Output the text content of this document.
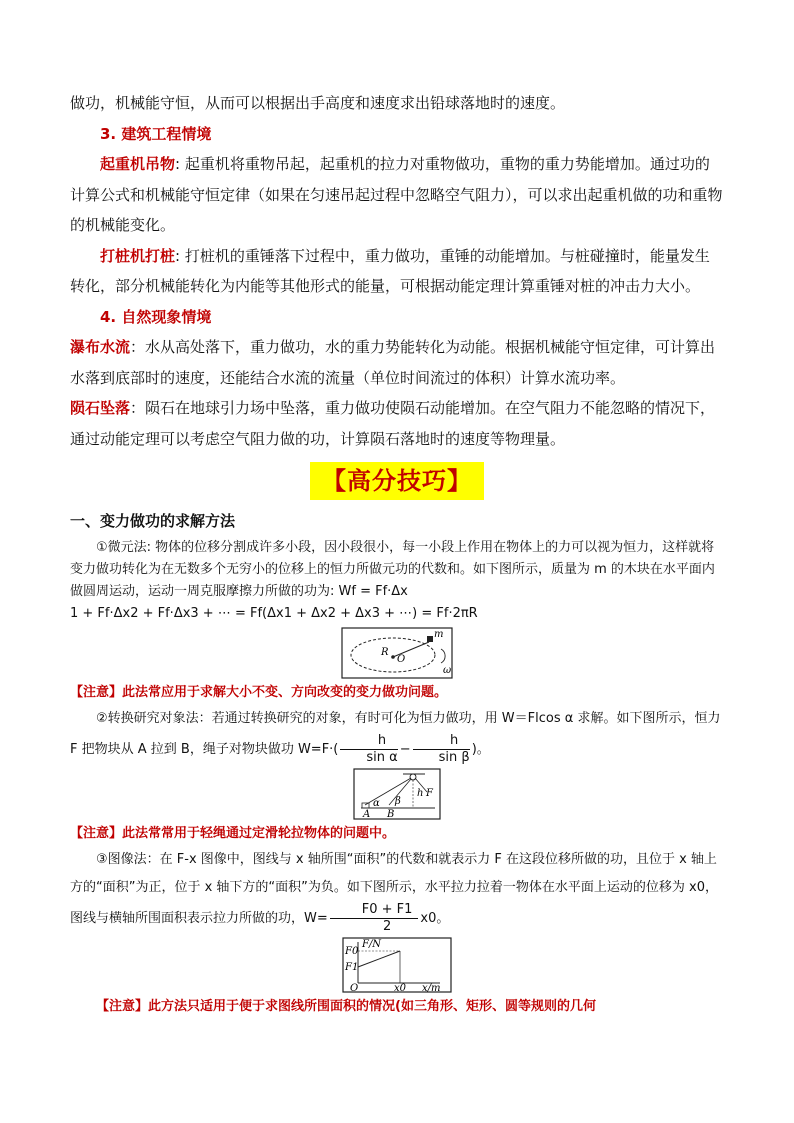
做功，机械能守恒，从而可以根据出手高度和速度求出铅球落地时的速度。

3. 建筑工程情境

起重机吊物: 起重机将重物吊起，起重机的拉力对重物做功，重物的重力势能增加。通过功的计算公式和机械能守恒定律（如果在匀速吊起过程中忽略空气阻力），可以求出起重机做的功和重物的机械能变化。

打桩机打桩: 打桩机的重锤落下过程中，重力做功，重锤的动能增加。与桩碰撞时，能量发生转化，部分机械能转化为内能等其他形式的能量，可根据动能定理计算重锤对桩的冲击力大小。

4. 自然现象情境

瀑布水流：水从高处落下，重力做功，水的重力势能转化为动能。根据机械能守恒定律，可计算出水落到底部时的速度，还能结合水流的流量（单位时间流过的体积）计算水流功率。

陨石坠落：陨石在地球引力场中坠落，重力做功使陨石动能增加。在空气阻力不能忽略的情况下，通过动能定理可以考虑空气阻力做的功，计算陨石落地时的速度等物理量。

【高分技巧】

一、变力做功的求解方法

①微元法: 物体的位移分割成许多小段，因小段很小，每一小段上作用在物体上的力可以视为恒力，这样就将变力做功转化为在无数多个无穷小的位移上的恒力所做元功的代数和。如下图所示，质量为 m 的木块在水平面内做圆周运动，运动一周克服摩擦力所做的功为: Wf = Ff·Δx

1 + Ff·Δx2 + Ff·Δx3 + ⋯ = Ff(Δx1 + Δx2 + Δx3 + ⋯) = Ff·2πR

R
O
m
ω

【注意】此法常应用于求解大小不变、方向改变的变力做功问题。

②转换研究对象法：若通过转换研究的对象，有时可化为恒力做功，用 W＝Flcos α 求解。如下图所示，恒力 F 把物块从 A 拉到 B，绳子对物块做功 $W=F\cdot( \frac{h}{\text{sin α}} - \frac{h}{\text{sin β}}$ )。

F
h
α β
A B

【注意】此法常常用于轻绳通过定滑轮拉物体的问题中。

③图像法：在 F-x 图像中，图线与 x 轴所围“面积”的代数和就表示力 F 在这段位移所做的功，且位于 x 轴上方的“面积”为正，位于 x 轴下方的“面积”为负。如下图所示，水平拉力拉着一物体在水平面上运动的位移为 x0，图线与横轴所围面积表示拉力所做的功，$W= \frac{F0 + F1}{2} x0$。

F/N
x/m
F0
F1
x0
O

【注意】此方法只适用于便于求图线所围面积的情况(如三角形、矩形、圆等规则的几何
